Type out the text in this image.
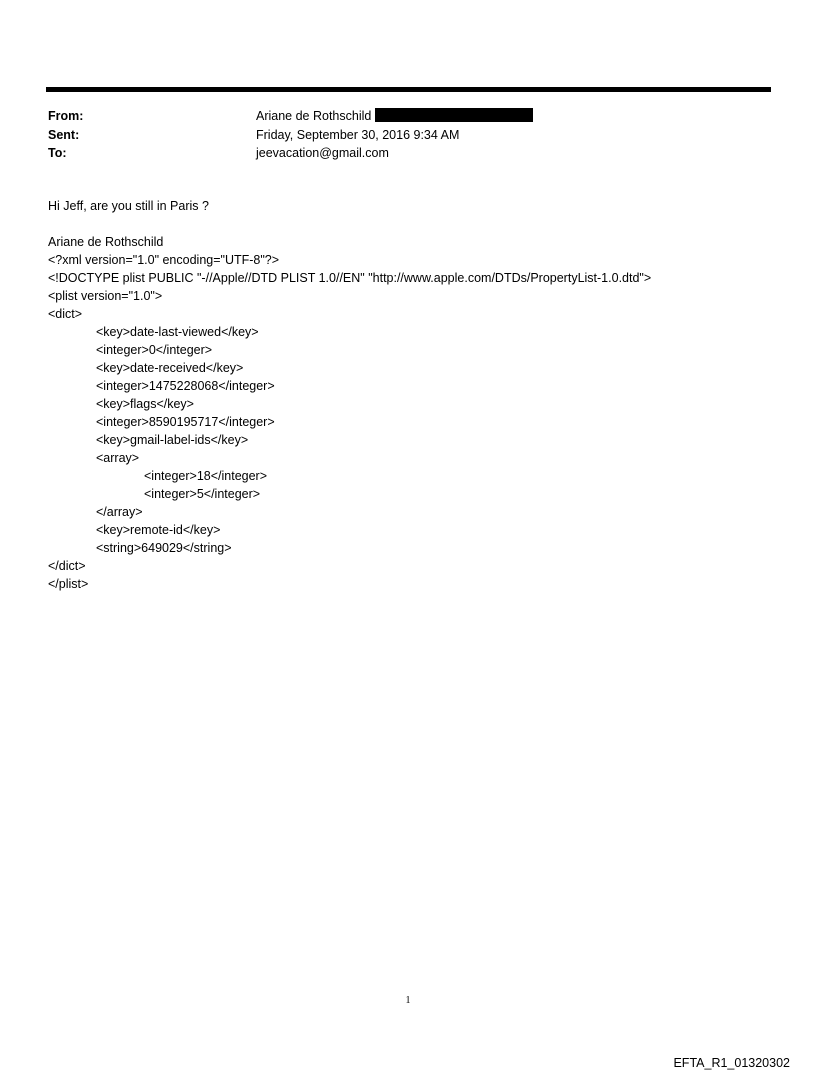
From:	Ariane de Rothschild
Sent:	Friday, September 30, 2016 9:34 AM
To:	jeevacation@gmail.com
Hi Jeff, are you still in Paris ?
Ariane de Rothschild
<?xml version="1.0" encoding="UTF-8"?>
<!DOCTYPE plist PUBLIC "-//Apple//DTD PLIST 1.0//EN" "http://www.apple.com/DTDs/PropertyList-1.0.dtd">
<plist version="1.0">
<dict>
<key>date-last-viewed</key>
<integer>0</integer>
<key>date-received</key>
<integer>1475228068</integer>
<key>flags</key>
<integer>8590195717</integer>
<key>gmail-label-ids</key>
<array>
<integer>18</integer>
<integer>5</integer>
</array>
<key>remote-id</key>
<string>649029</string>
</dict>
</plist>
1
EFTA_R1_01320302
